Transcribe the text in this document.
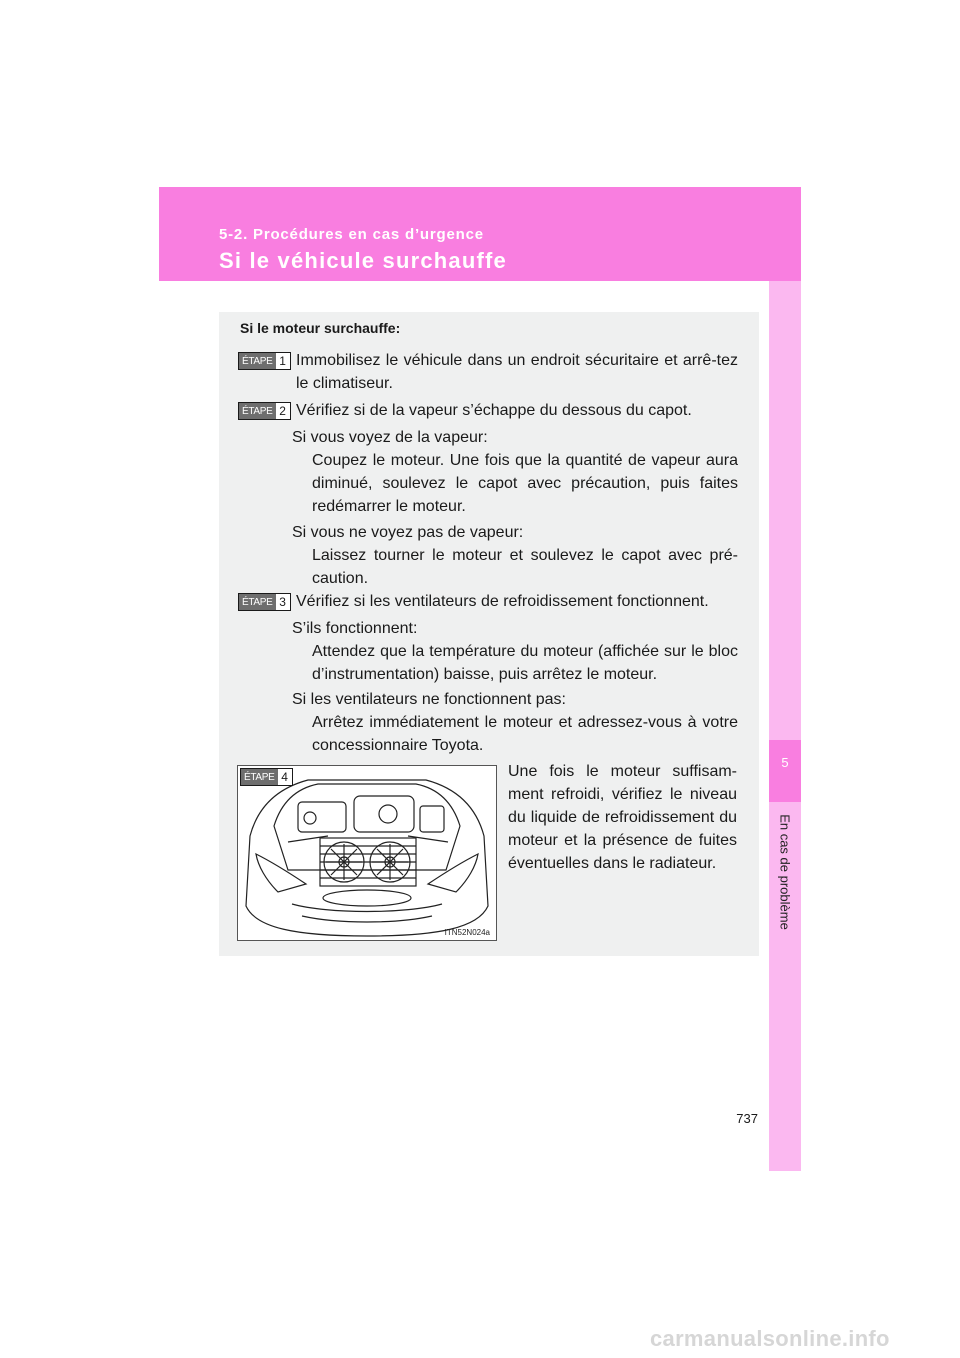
5-2. Procédures en cas d’urgence
Si le véhicule surchauffe
5
En cas de problème
Si le moteur surchauffe:
ÉTAPE 1 Immobilisez le véhicule dans un endroit sécuritaire et arrê-tez le climatiseur.
ÉTAPE 2 Vérifiez si de la vapeur s’échappe du dessous du capot.
Si vous voyez de la vapeur:
Coupez le moteur. Une fois que la quantité de vapeur aura diminué, soulevez le capot avec précaution, puis faites redémarrer le moteur.
Si vous ne voyez pas de vapeur:
Laissez tourner le moteur et soulevez le capot avec pré-caution.
ÉTAPE 3 Vérifiez si les ventilateurs de refroidissement fonctionnent.
S’ils fonctionnent:
Attendez que la température du moteur (affichée sur le bloc d’instrumentation) baisse, puis arrêtez le moteur.
Si les ventilateurs ne fonctionnent pas:
Arrêtez immédiatement le moteur et adressez-vous à votre concessionnaire Toyota.
ÉTAPE 4
ITN52N024a
Une fois le moteur suffisam-ment refroidi, vérifiez le niveau du liquide de refroidissement du moteur et la présence de fuites éventuelles dans le radiateur.
737
carmanualsonline.info
